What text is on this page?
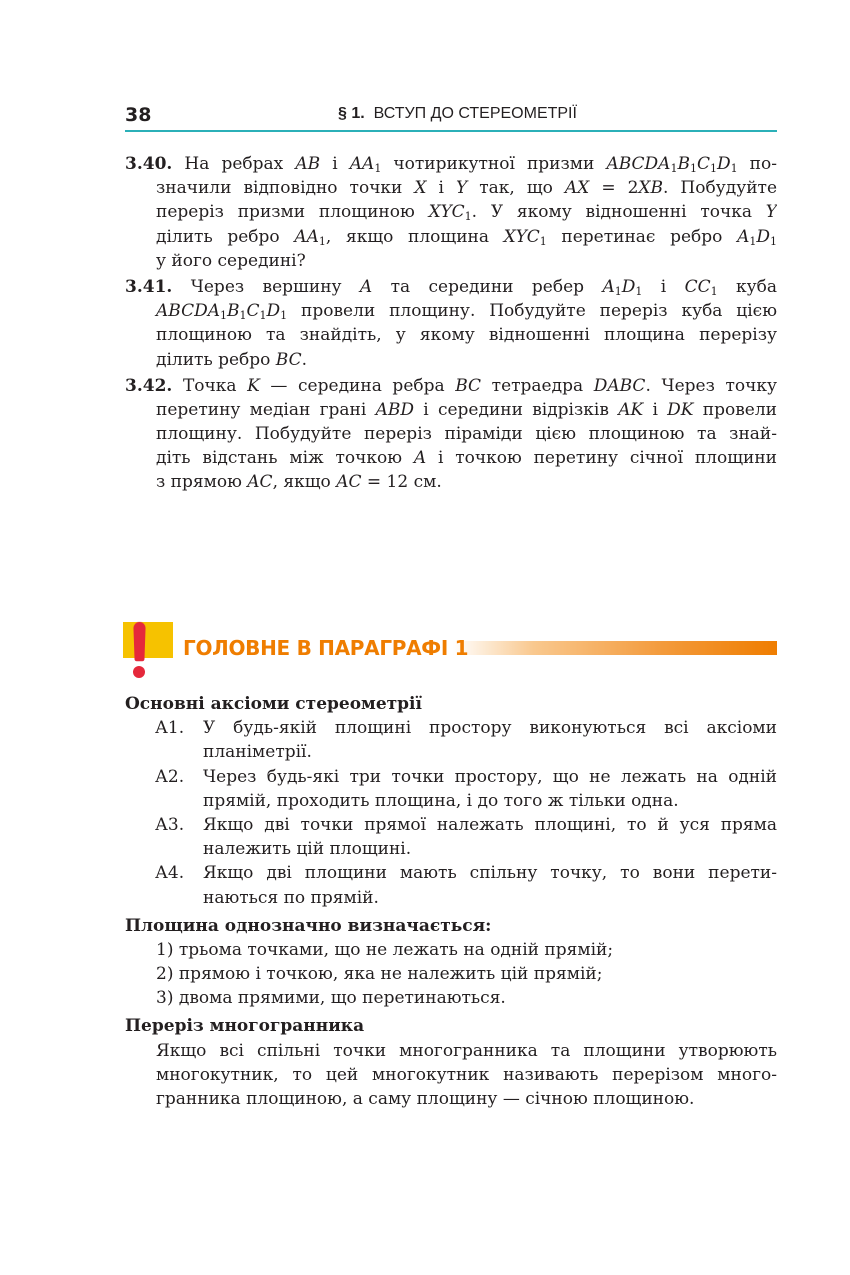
38	§ 1. ВСТУП ДО СТЕРЕОМЕТРІЇ
3.40. На ребрах AB і $AA_1$ чотирикутної призми $ABCDA_1B_1C_1D_1$ по-
значили відповідно точки X і Y так, що AX = 2XB. Побудуйте
переріз призми площиною $XYC_1$. У якому відношенні точка Y
ділить ребро $AA_1$, якщо площина $XYC_1$ перетинає ребро $A_1D_1$
у його середині?
3.41. Через вершину A та середини ребер $A_1D_1$ і $CC_1$ куба
$ABCDA_1B_1C_1D_1$ провели площину. Побудуйте переріз куба цією
площиною та знайдіть, у якому відношенні площина перерізу
ділить ребро BC.
3.42. Точка K — середина ребра BC тетраедра DABC. Через точку
перетину медіан грані ABD і середини відрізків AK і DK провели
площину. Побудуйте переріз піраміди цією площиною та знай-
діть відстань між точкою A і точкою перетину січної площини
з прямою AC, якщо AC = 12 см.
ГОЛОВНЕ В ПАРАГРАФІ 1
Основні аксіоми стереометрії
А1.	У будь-якій площині простору виконуються всі аксіоми
планіметрії.
А2.	Через будь-які три точки простору, що не лежать на одній
прямій, проходить площина, і до того ж тільки одна.
А3.	Якщо дві точки прямої належать площині, то й уся пряма
належить цій площині.
А4.	Якщо дві площини мають спільну точку, то вони перети-
наються по прямій.
Площина однозначно визначається:
1) трьома точками, що не лежать на одній прямій;
2) прямою і точкою, яка не належить цій прямій;
3) двома прямими, що перетинаються.
Переріз многогранника
Якщо всі спільні точки многогранника та площини утворюють
многокутник, то цей многокутник називають перерізом много-
гранника площиною, а саму площину — січною площиною.
